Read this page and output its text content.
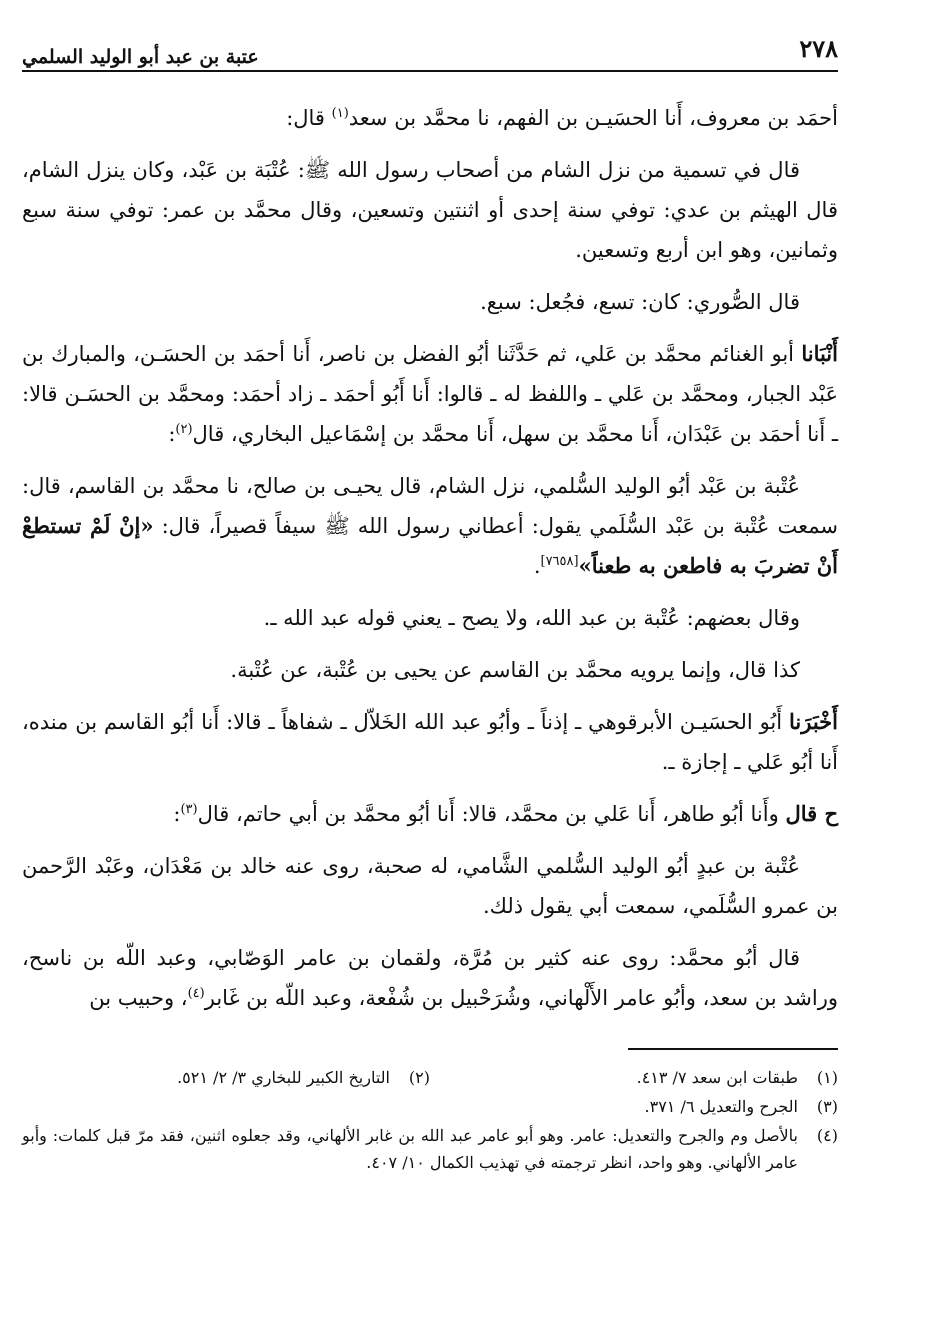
٢٧٨
عتبة بن عبد أبو الوليد السلمي

أحمَد بن معروف، أَنا الحسَيـن بن الفهم، نا محمَّد بن سعد$^{(١)}$ قال:

قال في تسمية من نزل الشام من أصحاب رسول الله ﷺ: عُتْبَة بن عَبْد، وكان ينزل الشام، قال الهيثم بن عدي: توفي سنة إحدى أو اثنتين وتسعين، وقال محمَّد بن عمر: توفي سنة سبع وثمانين، وهو ابن أربع وتسعين.

قال الصُّوري: كان: تسع، فجُعل: سبع.

أَنْبَانا أبو الغنائم محمَّد بن عَلي، ثم حَدَّثَنا أبُو الفضل بن ناصر، أَنا أحمَد بن الحسَـن، والمبارك بن عَبْد الجبار، ومحمَّد بن عَلي ـ واللفظ له ـ قالوا: أَنا أَبُو أحمَد ـ زاد أحمَد: ومحمَّد بن الحسَـن قالا: ـ أَنا أحمَد بن عَبْدَان، أَنا محمَّد بن سهل، أَنا محمَّد بن إسْمَاعيل البخاري، قال$^{(٢)}$:

عُتْبة بن عَبْد أبُو الوليد السُّلمي، نزل الشام، قال يحيـى بن صالح، نا محمَّد بن القاسم، قال: سمعت عُتْبة بن عَبْد السُّلَمي يقول: أعطاني رسول الله ﷺ سيفاً قصيراً، قال: «إنْ لَمْ تستطعْ أَنْ تضربَ به فاطعن به طعناً»[٧٦٥٨].

وقال بعضهم: عُتْبة بن عبد الله، ولا يصح ـ يعني قوله عبد الله ـ.

كذا قال، وإنما يرويه محمَّد بن القاسم عن يحيى بن عُتْبة، عن عُتْبة.

أَخْبَرَنا أَبُو الحسَيـن الأبرقوهي ـ إذناً ـ وأبُو عبد الله الخَلاّل ـ شفاهاً ـ قالا: أَنا أبُو القاسم بن منده، أَنا أبُو عَلي ـ إجازة ـ.

ح قال وأَنا أبُو طاهر، أَنا عَلي بن محمَّد، قالا: أَنا أبُو محمَّد بن أبي حاتم، قال$^{(٣)}$:

عُتْبة بن عبدٍ أبُو الوليد السُّلمي الشَّامي، له صحبة، روى عنه خالد بن مَعْدَان، وعَبْد الرَّحمن بن عمرو السُّلَمي، سمعت أبي يقول ذلك.

قال أبُو محمَّد: روى عنه كثير بن مُرَّة، ولقمان بن عامر الوَصّابي، وعبد اللّه بن ناسح، وراشد بن سعد، وأبُو عامر الأَلْهاني، وشُرَحْبيل بن شُفْعة، وعبد اللّه بن غَابر$^{(٤)}$، وحبيب بن

(١)
طبقات ابن سعد ٧/ ٤١٣.
(٢)
التاريخ الكبير للبخاري ٣/ ٢/ ٥٢١.
(٣)
الجرح والتعديل ٦/ ٣٧١.
(٤)
بالأصل وم والجرح والتعديل: عامر. وهو أبو عامر عبد الله بن غابر الألهاني، وقد جعلوه اثنين، فقد مرّ قبل كلمات: وأبو عامر الألهاني. وهو واحد، انظر ترجمته في تهذيب الكمال ١٠/ ٤٠٧.
